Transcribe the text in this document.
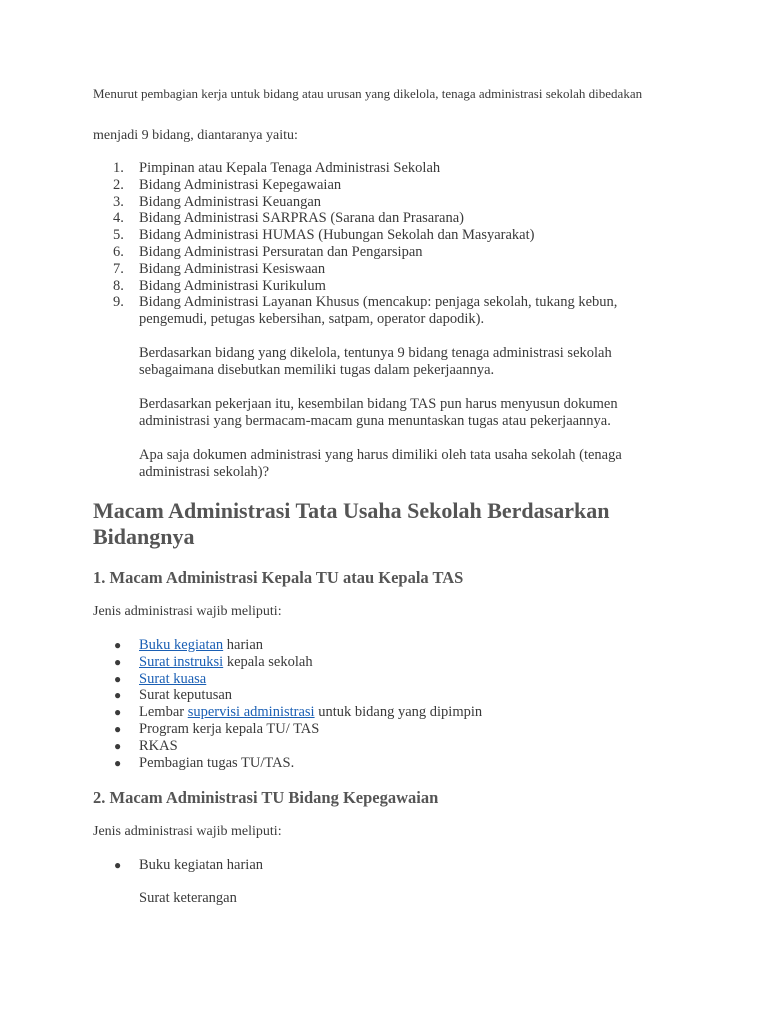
Menurut pembagian kerja untuk bidang atau urusan yang dikelola, tenaga administrasi sekolah dibedakan

menjadi 9 bidang, diantaranya yaitu:

1. Pimpinan atau Kepala Tenaga Administrasi Sekolah
2. Bidang Administrasi Kepegawaian
3. Bidang Administrasi Keuangan
4. Bidang Administrasi SARPRAS (Sarana dan Prasarana)
5. Bidang Administrasi HUMAS (Hubungan Sekolah dan Masyarakat)
6. Bidang Administrasi Persuratan dan Pengarsipan
7. Bidang Administrasi Kesiswaan
8. Bidang Administrasi Kurikulum
9. Bidang Administrasi Layanan Khusus (mencakup: penjaga sekolah, tukang kebun, pengemudi, petugas kebersihan, satpam, operator dapodik).

Berdasarkan bidang yang dikelola, tentunya 9 bidang tenaga administrasi sekolah sebagaimana disebutkan memiliki tugas dalam pekerjaannya.

Berdasarkan pekerjaan itu, kesembilan bidang TAS pun harus menyusun dokumen administrasi yang bermacam-macam guna menuntaskan tugas atau pekerjaannya.

Apa saja dokumen administrasi yang harus dimiliki oleh tata usaha sekolah (tenaga administrasi sekolah)?

Macam Administrasi Tata Usaha Sekolah Berdasarkan Bidangnya
1. Macam Administrasi Kepala TU atau Kepala TAS

Jenis administrasi wajib meliputi:

● Buku kegiatan harian
● Surat instruksi kepala sekolah
● Surat kuasa
● Surat keputusan
● Lembar supervisi administrasi untuk bidang yang dipimpin
● Program kerja kepala TU/ TAS
● RKAS
● Pembagian tugas TU/TAS.
2. Macam Administrasi TU Bidang Kepegawaian

Jenis administrasi wajib meliputi:

● Buku kegiatan harian

Surat keterangan
